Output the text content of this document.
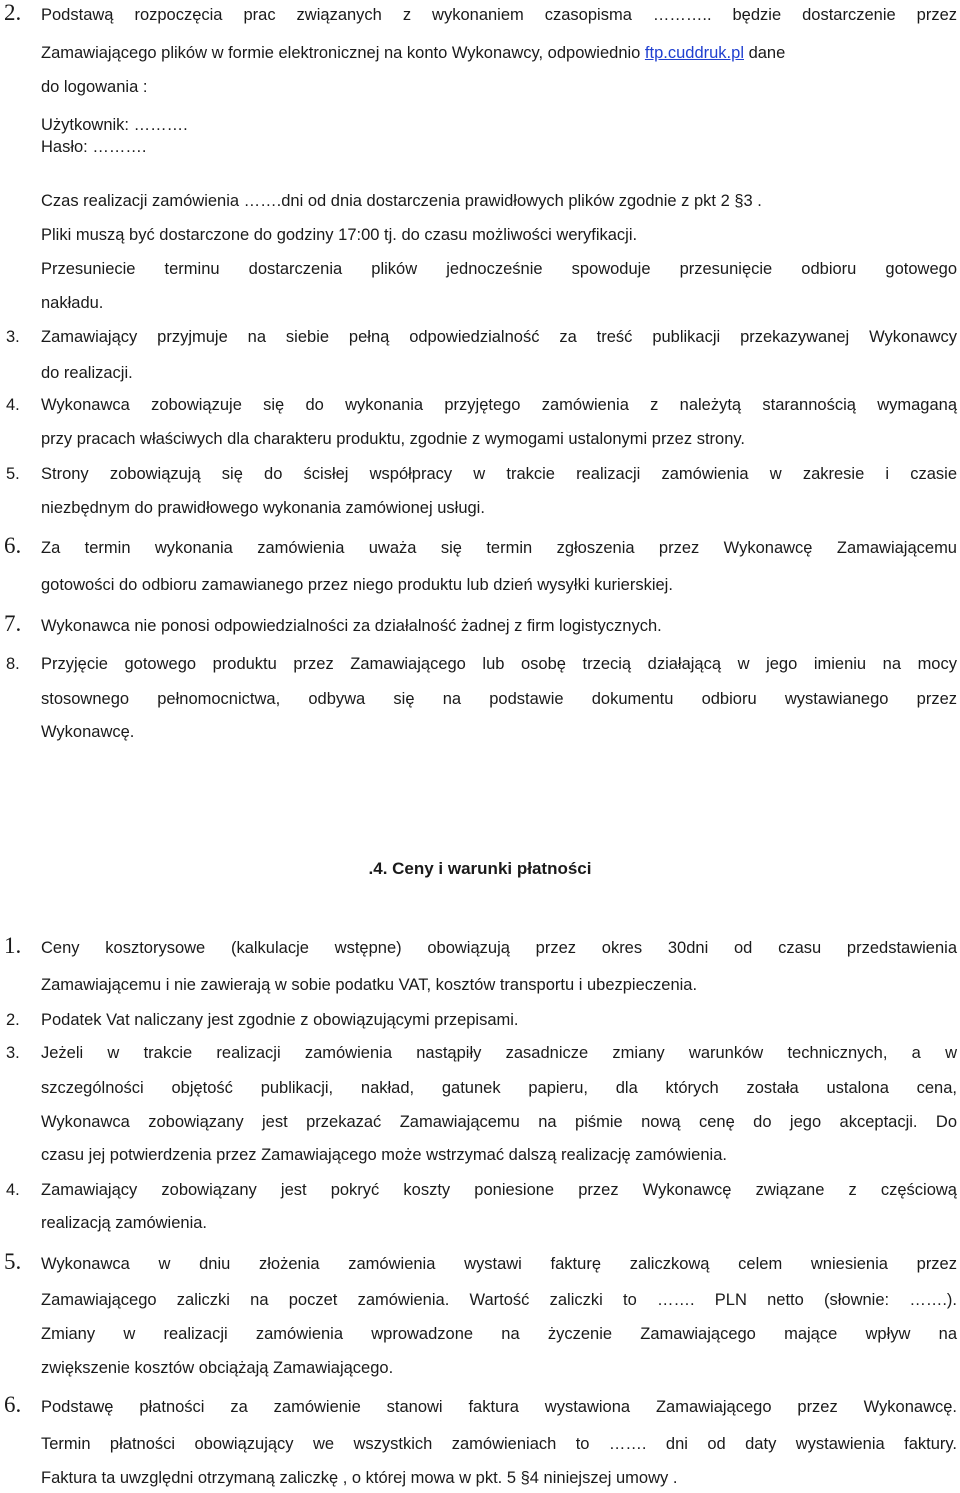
2. Podstawą rozpoczęcia prac związanych z wykonaniem czasopisma ……….. będzie dostarczenie przez
Zamawiającego plików w formie elektronicznej na konto Wykonawcy, odpowiednio ftp.cuddruk.pl dane
do logowania :
Użytkownik: ……….
Hasło: ……….
Czas realizacji zamówienia …….dni od dnia dostarczenia prawidłowych plików zgodnie z pkt 2 §3 .
Pliki muszą być dostarczone do godziny 17:00 tj. do czasu możliwości weryfikacji.
Przesuniecie terminu dostarczenia plików jednocześnie spowoduje przesunięcie odbioru gotowego
nakładu.
3. Zamawiający przyjmuje na siebie pełną odpowiedzialność za treść publikacji przekazywanej Wykonawcy
do realizacji.
4. Wykonawca zobowiązuje się do wykonania przyjętego zamówienia z należytą starannością wymaganą
przy pracach właściwych dla charakteru produktu, zgodnie z wymogami ustalonymi przez strony.
5. Strony zobowiązują się do ścisłej współpracy w trakcie realizacji zamówienia w zakresie i czasie
niezbędnym do prawidłowego wykonania zamówionej usługi.
6. Za termin wykonania zamówienia uważa się termin zgłoszenia przez Wykonawcę Zamawiającemu
gotowości do odbioru zamawianego przez niego produktu lub dzień wysyłki kurierskiej.
7. Wykonawca nie ponosi odpowiedzialności za działalność żadnej z firm logistycznych.
8. Przyjęcie gotowego produktu przez Zamawiającego lub osobę trzecią działającą w jego imieniu na mocy
stosownego pełnomocnictwa, odbywa się na podstawie dokumentu odbioru wystawianego przez
Wykonawcę.
.4. Ceny i warunki płatności
1. Ceny kosztorysowe (kalkulacje wstępne) obowiązują przez okres 30dni od czasu przedstawienia
Zamawiającemu i nie zawierają w sobie podatku VAT, kosztów transportu i ubezpieczenia.
2. Podatek Vat naliczany jest zgodnie z obowiązującymi przepisami.
3. Jeżeli w trakcie realizacji zamówienia nastąpiły zasadnicze zmiany warunków technicznych, a w
szczególności objętość publikacji, nakład, gatunek papieru, dla których została ustalona cena,
Wykonawca zobowiązany jest przekazać Zamawiającemu na piśmie nową cenę do jego akceptacji. Do
czasu jej potwierdzenia przez Zamawiającego może wstrzymać dalszą realizację zamówienia.
4. Zamawiający zobowiązany jest pokryć koszty poniesione przez Wykonawcę związane z częściową
realizacją zamówienia.
5. Wykonawca w dniu złożenia zamówienia wystawi fakturę zaliczkową celem wniesienia przez
Zamawiającego zaliczki na poczet zamówienia. Wartość zaliczki to ……. PLN netto (słownie: …….).
Zmiany w realizacji zamówienia wprowadzone na życzenie Zamawiającego mające wpływ na
zwiększenie kosztów obciążają Zamawiającego.
6. Podstawę płatności za zamówienie stanowi faktura wystawiona Zamawiającego przez Wykonawcę.
Termin płatności obowiązujący we wszystkich zamówieniach to ……. dni od daty wystawienia faktury.
Faktura ta uwzględni otrzymaną zaliczkę , o której mowa w pkt. 5 §4 niniejszej umowy .
